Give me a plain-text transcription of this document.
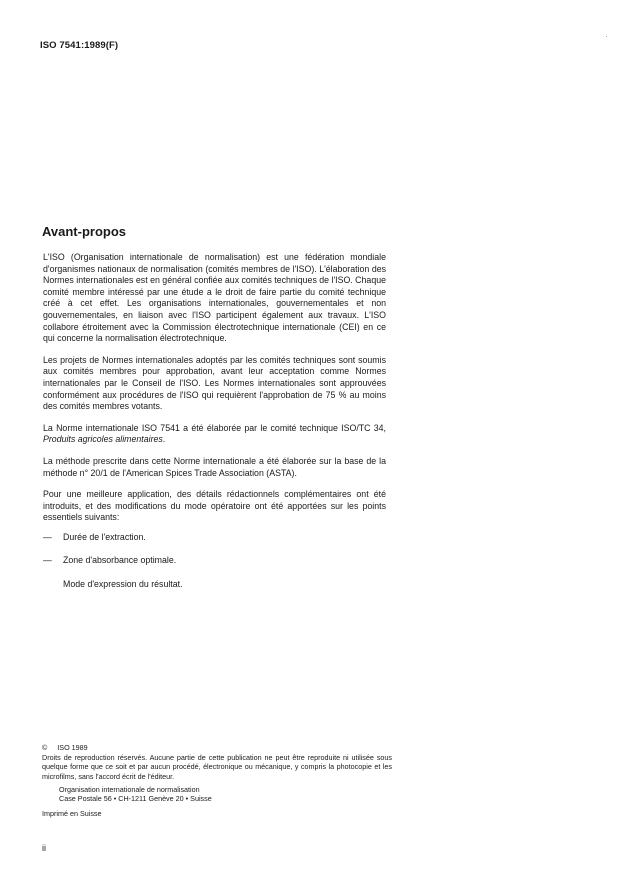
ISO 7541:1989(F)
Avant-propos

L'ISO (Organisation internationale de normalisation) est une fédération mondiale d'organismes nationaux de normalisation (comités membres de l'ISO). L'élaboration des Normes internationales est en général confiée aux comités techniques de l'ISO. Chaque comité membre intéressé par une étude a le droit de faire partie du comité technique créé à cet effet. Les organisations internationales, gouvernementales et non gouvernementales, en liaison avec l'ISO participent également aux travaux. L'ISO collabore étroitement avec la Commission électrotechnique internationale (CEI) en ce qui concerne la normalisation électrotechnique.

Les projets de Normes internationales adoptés par les comités techniques sont soumis aux comités membres pour approbation, avant leur acceptation comme Normes internationales par le Conseil de l'ISO. Les Normes internationales sont approuvées conformément aux procédures de l'ISO qui requièrent l'approbation de 75 % au moins des comités membres votants.

La Norme internationale ISO 7541 a été élaborée par le comité technique ISO/TC 34, Produits agricoles alimentaires.

La méthode prescrite dans cette Norme internationale a été élaborée sur la base de la méthode n° 20/1 de l'American Spices Trade Association (ASTA).

Pour une meilleure application, des détails rédactionnels complémentaires ont été introduits, et des modifications du mode opératoire ont été apportées sur les points essentiels suivants:

—	Durée de l'extraction.
—	Zone d'absorbance optimale.
Mode d'expression du résultat.
© ISO 1989
Droits de reproduction réservés. Aucune partie de cette publication ne peut être reproduite ni utilisée sous quelque forme que ce soit et par aucun procédé, électronique ou mécanique, y compris la photocopie et les microfilms, sans l'accord écrit de l'éditeur.
Organisation internationale de normalisation
Case Postale 56 • CH-1211 Genève 20 • Suisse
Imprimé en Suisse
ii
